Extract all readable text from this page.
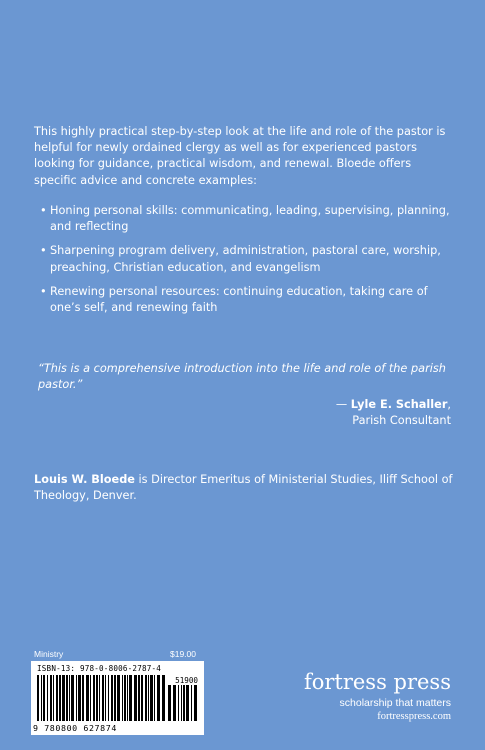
This highly practical step-by-step look at the life and role of the pastor is helpful for newly ordained clergy as well as for experienced pastors looking for guidance, practical wisdom, and renewal. Bloede offers specific advice and concrete examples:

• Honing personal skills: communicating, leading, supervising, planning, and reflecting
• Sharpening program delivery, administration, pastoral care, worship, preaching, Christian education, and evangelism
• Renewing personal resources: continuing education, taking care of one’s self, and renewing faith

“This is a comprehensive introduction into the life and role of the parish pastor.”

— Lyle E. Schaller,
Parish Consultant

Louis W. Bloede is Director Emeritus of Ministerial Studies, Iliff School of Theology, Denver.

Ministry	$19.00
ISBN-13: 978-0-8006-2787-4
51900
9 780800 627874
fortress press
scholarship that matters
fortresspress.com
